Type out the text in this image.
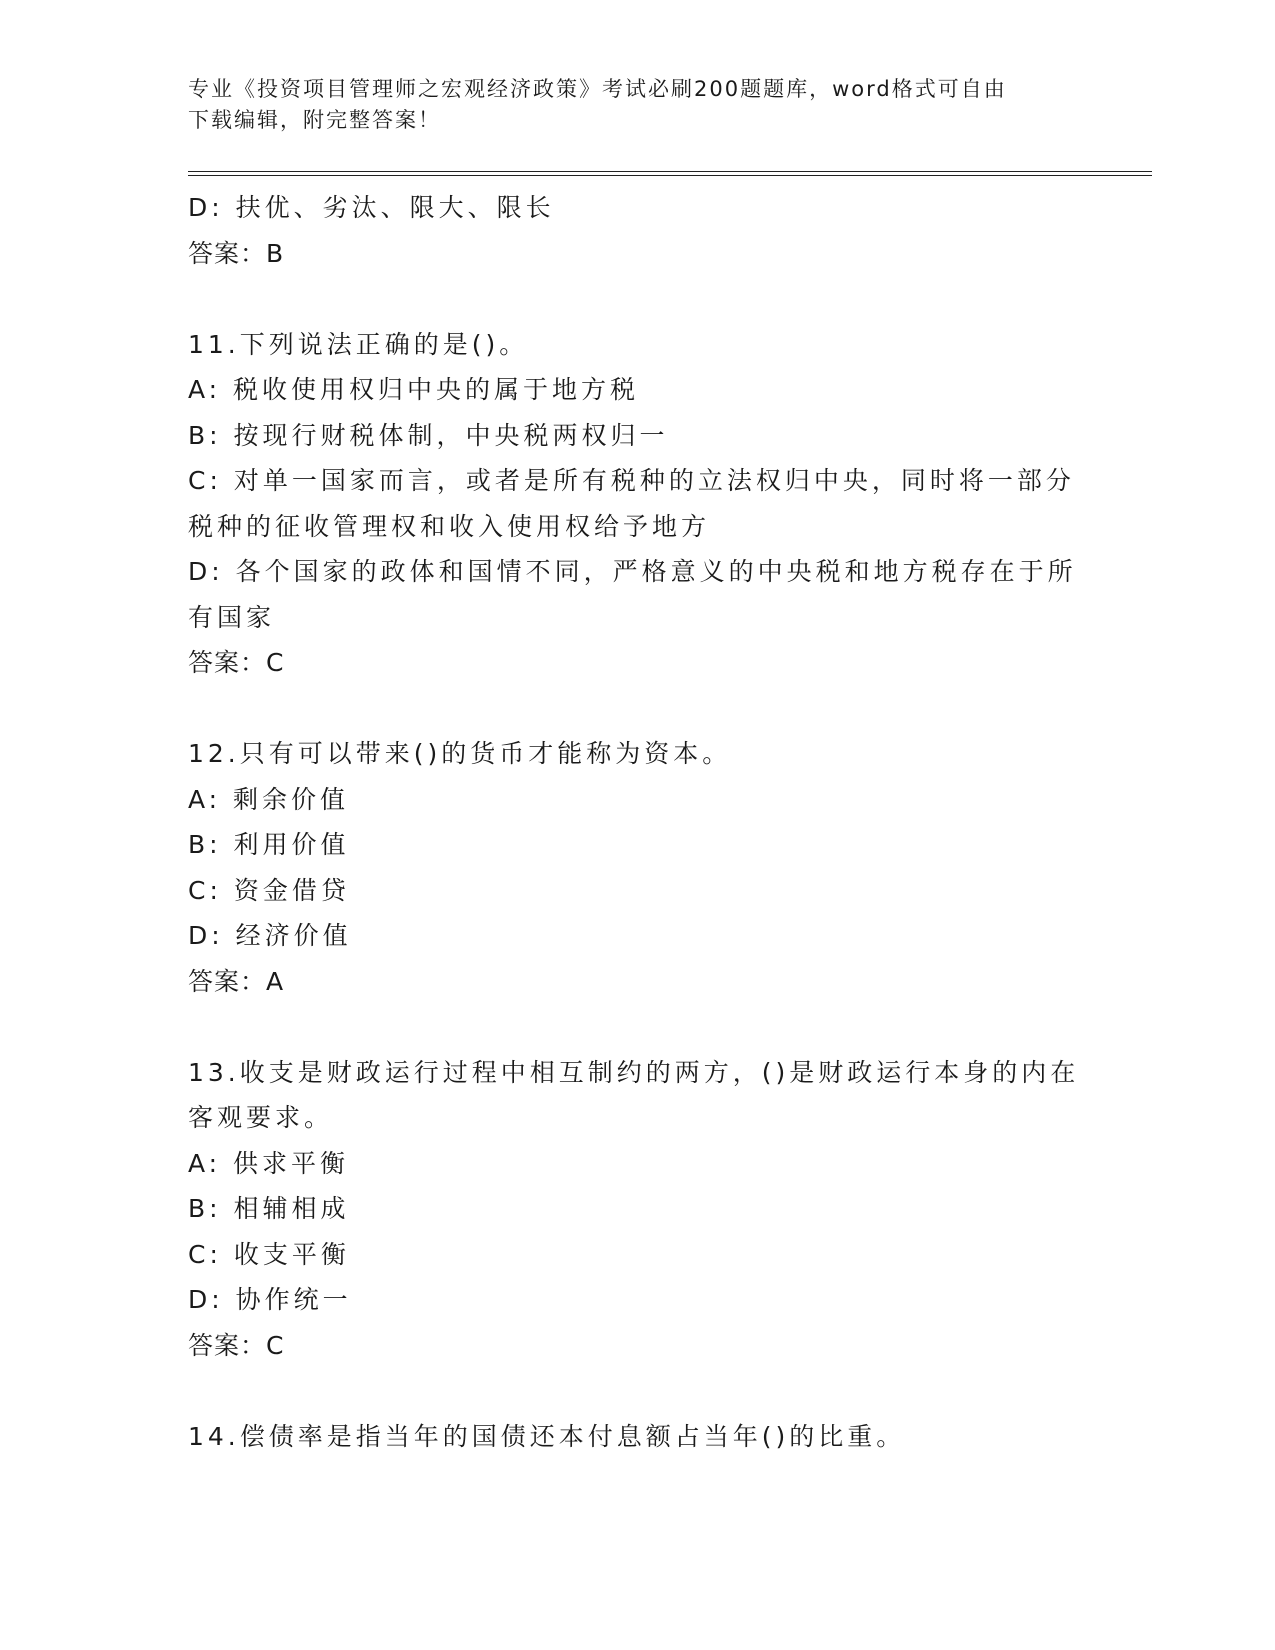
专业《投资项目管理师之宏观经济政策》考试必刷200题题库，word格式可自由
下载编辑，附完整答案！
D: 扶优、劣汰、限大、限长
答案：B
11.下列说法正确的是()。
A: 税收使用权归中央的属于地方税
B: 按现行财税体制，中央税两权归一
C: 对单一国家而言，或者是所有税种的立法权归中央，同时将一部分
税种的征收管理权和收入使用权给予地方
D: 各个国家的政体和国情不同，严格意义的中央税和地方税存在于所
有国家
答案：C
12.只有可以带来()的货币才能称为资本。
A: 剩余价值
B: 利用价值
C: 资金借贷
D: 经济价值
答案：A
13.收支是财政运行过程中相互制约的两方，()是财政运行本身的内在
客观要求。
A: 供求平衡
B: 相辅相成
C: 收支平衡
D: 协作统一
答案：C
14.偿债率是指当年的国债还本付息额占当年()的比重。
